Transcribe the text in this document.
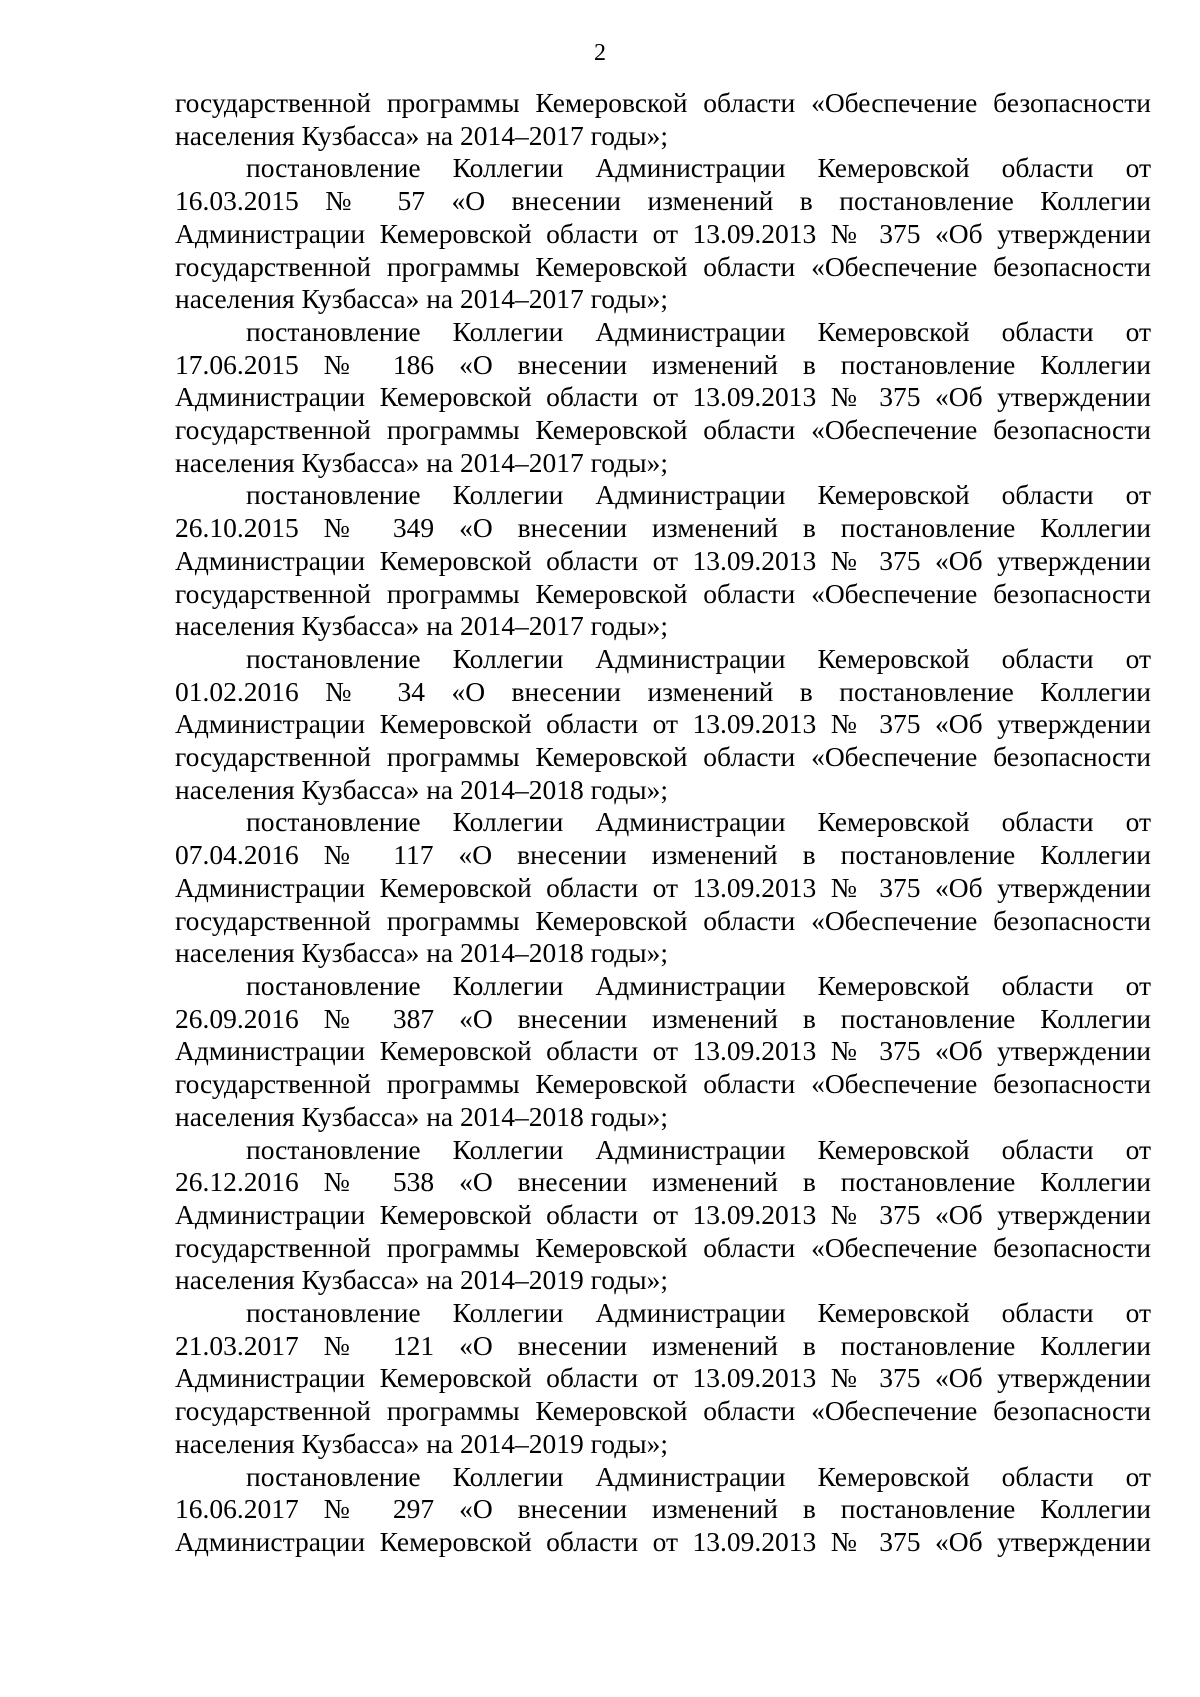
2

государственной программы Кемеровской области «Обеспечение безопасности
населения Кузбасса» на 2014–2017 годы»;

постановление Коллегии Администрации Кемеровской области от
16.03.2015 № 57 «О внесении изменений в постановление Коллегии
Администрации Кемеровской области от 13.09.2013 № 375 «Об утверждении
государственной программы Кемеровской области «Обеспечение безопасности
населения Кузбасса» на 2014–2017 годы»;

постановление Коллегии Администрации Кемеровской области от
17.06.2015 № 186 «О внесении изменений в постановление Коллегии
Администрации Кемеровской области от 13.09.2013 № 375 «Об утверждении
государственной программы Кемеровской области «Обеспечение безопасности
населения Кузбасса» на 2014–2017 годы»;

постановление Коллегии Администрации Кемеровской области от
26.10.2015 № 349 «О внесении изменений в постановление Коллегии
Администрации Кемеровской области от 13.09.2013 № 375 «Об утверждении
государственной программы Кемеровской области «Обеспечение безопасности
населения Кузбасса» на 2014–2017 годы»;

постановление Коллегии Администрации Кемеровской области от
01.02.2016 № 34 «О внесении изменений в постановление Коллегии
Администрации Кемеровской области от 13.09.2013 № 375 «Об утверждении
государственной программы Кемеровской области «Обеспечение безопасности
населения Кузбасса» на 2014–2018 годы»;

постановление Коллегии Администрации Кемеровской области от
07.04.2016 № 117 «О внесении изменений в постановление Коллегии
Администрации Кемеровской области от 13.09.2013 № 375 «Об утверждении
государственной программы Кемеровской области «Обеспечение безопасности
населения Кузбасса» на 2014–2018 годы»;

постановление Коллегии Администрации Кемеровской области от
26.09.2016 № 387 «О внесении изменений в постановление Коллегии
Администрации Кемеровской области от 13.09.2013 № 375 «Об утверждении
государственной программы Кемеровской области «Обеспечение безопасности
населения Кузбасса» на 2014–2018 годы»;

постановление Коллегии Администрации Кемеровской области от
26.12.2016 № 538 «О внесении изменений в постановление Коллегии
Администрации Кемеровской области от 13.09.2013 № 375 «Об утверждении
государственной программы Кемеровской области «Обеспечение безопасности
населения Кузбасса» на 2014–2019 годы»;

постановление Коллегии Администрации Кемеровской области от
21.03.2017 № 121 «О внесении изменений в постановление Коллегии
Администрации Кемеровской области от 13.09.2013 № 375 «Об утверждении
государственной программы Кемеровской области «Обеспечение безопасности
населения Кузбасса» на 2014–2019 годы»;

постановление Коллегии Администрации Кемеровской области от
16.06.2017 № 297 «О внесении изменений в постановление Коллегии
Администрации Кемеровской области от 13.09.2013 № 375 «Об утверждении
